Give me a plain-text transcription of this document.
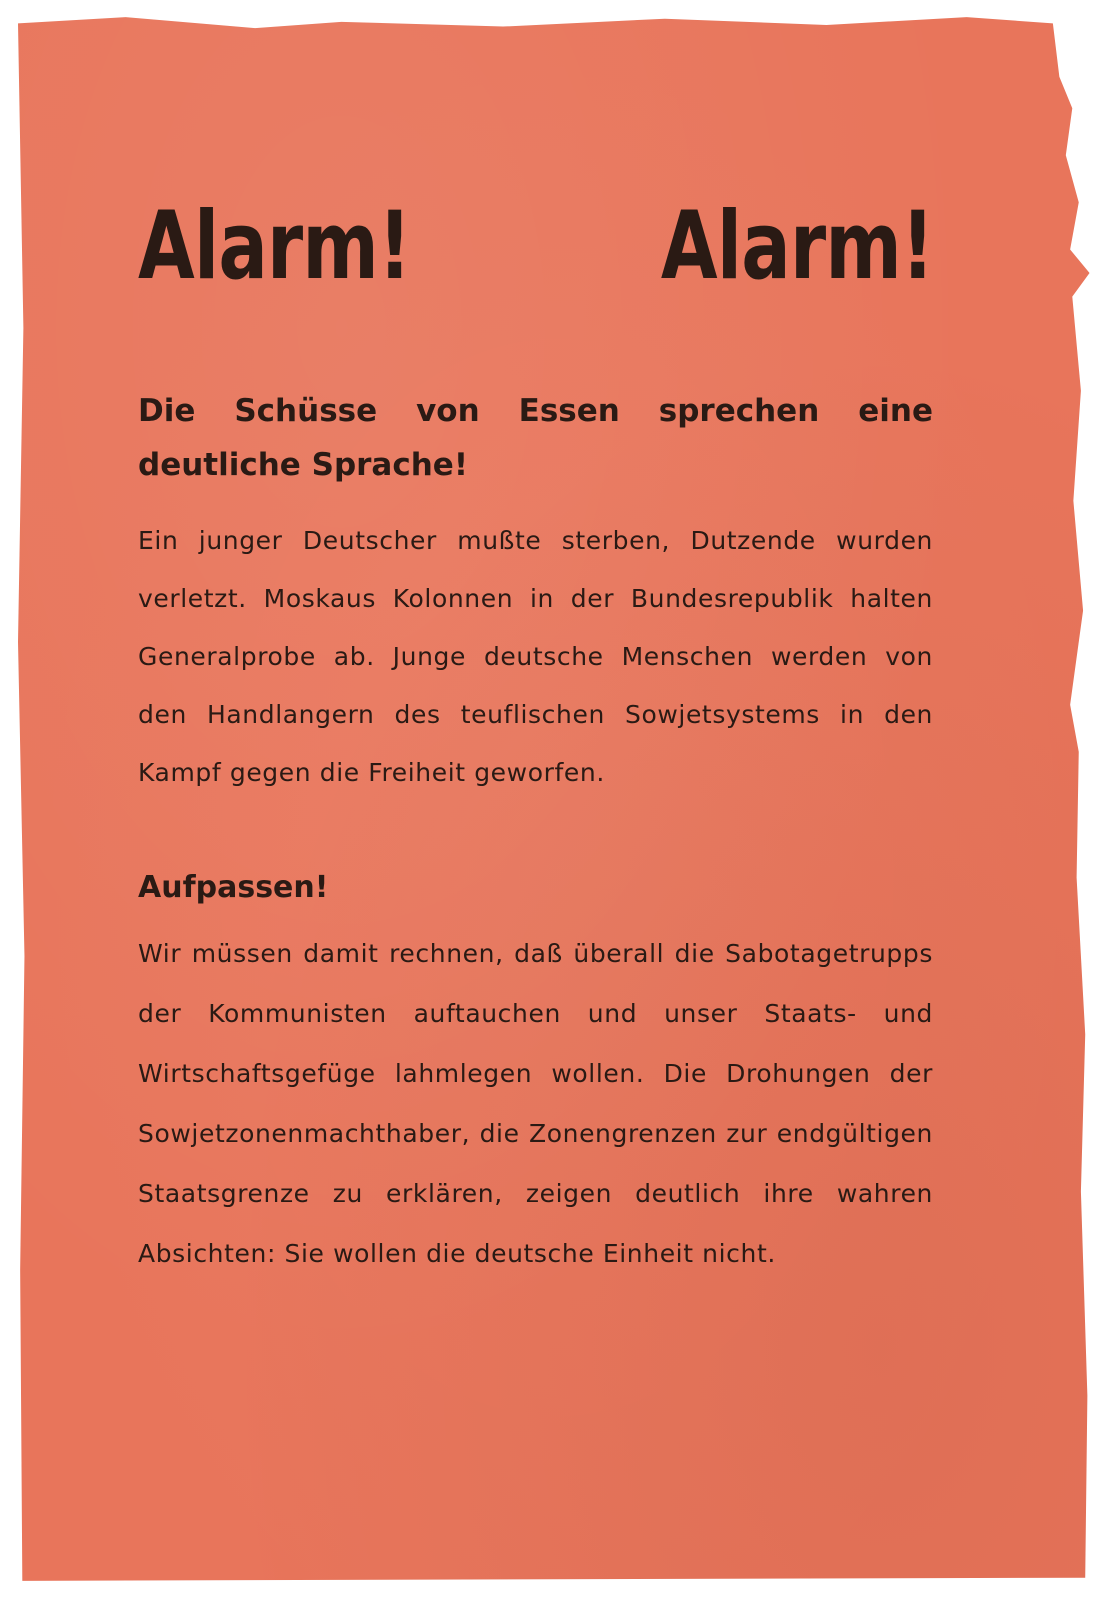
Alarm!	Alarm!

Die Schüsse von Essen sprechen eine deutliche Sprache!

Ein junger Deutscher mußte sterben, Dutzende wurden verletzt. Moskaus Kolonnen in der Bundesrepublik halten Generalprobe ab. Junge deutsche Menschen werden von den Handlangern des teuflischen Sowjetsystems in den Kampf gegen die Freiheit geworfen.

Aufpassen!

Wir müssen damit rechnen, daß überall die Sabotagetrupps der Kommunisten auftauchen und unser Staats- und Wirtschaftsgefüge lahmlegen wollen. Die Drohungen der Sowjetzonenmachthaber, die Zonengrenzen zur endgültigen Staatsgrenze zu erklären, zeigen deutlich ihre wahren Absichten: Sie wollen die deutsche Einheit nicht.
